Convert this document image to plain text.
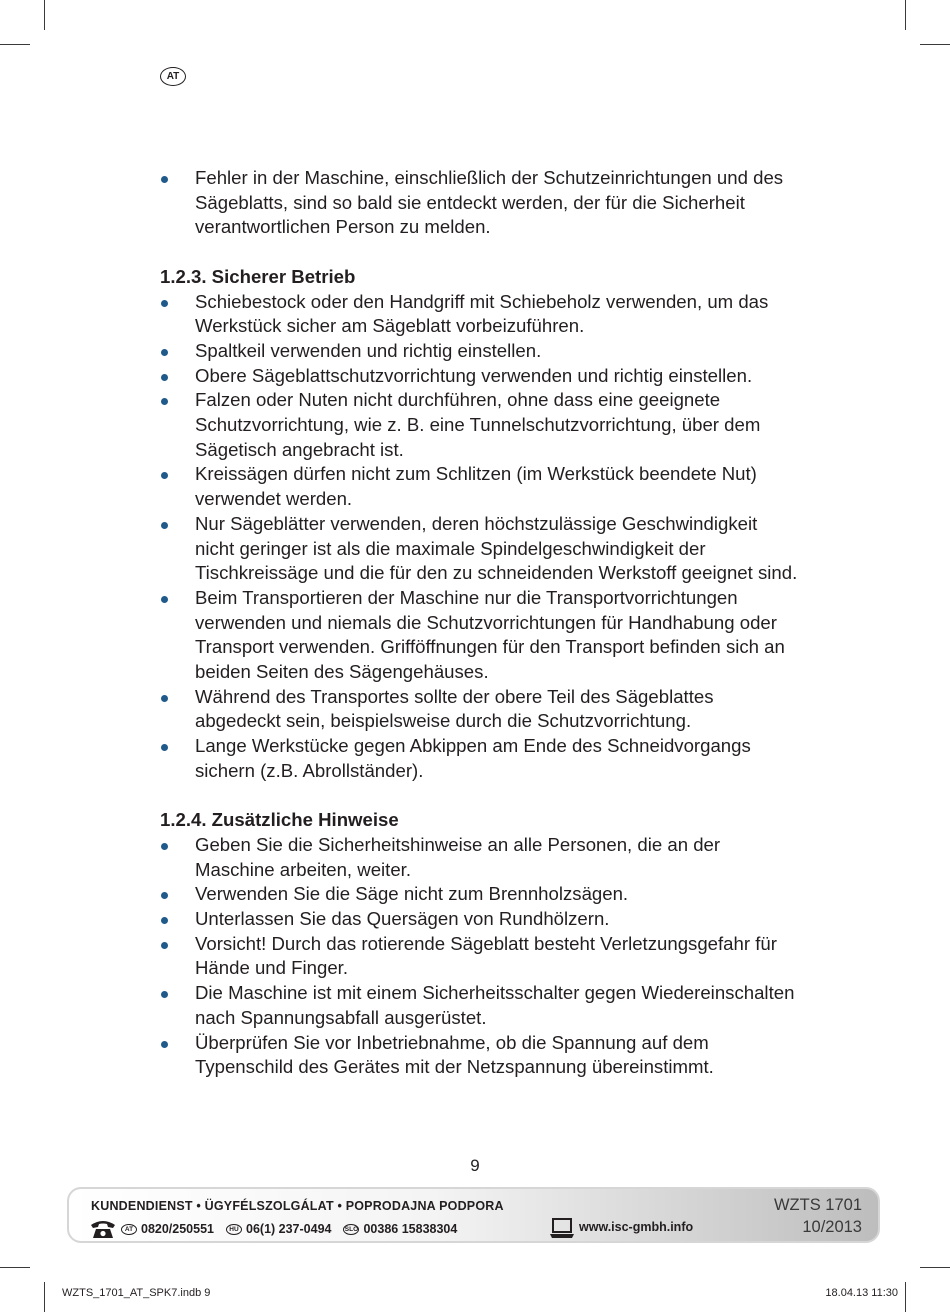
AT
Fehler in der Maschine, einschließlich der Schutzeinrichtungen und des Sägeblatts, sind so bald sie entdeckt werden, der für die Sicherheit verantwortlichen Person zu melden.
1.2.3. Sicherer Betrieb
Schiebestock oder den Handgriff mit Schiebeholz verwenden, um das Werkstück sicher am Sägeblatt vorbeizuführen.
Spaltkeil verwenden und richtig einstellen.
Obere Sägeblattschutzvorrichtung verwenden und richtig einstellen.
Falzen oder Nuten nicht durchführen, ohne dass eine geeignete Schutzvorrichtung, wie z. B. eine Tunnelschutzvorrichtung, über dem Sägetisch angebracht ist.
Kreissägen dürfen nicht zum Schlitzen (im Werkstück beendete Nut) verwendet werden.
Nur Sägeblätter verwenden, deren höchstzulässige Geschwindigkeit nicht geringer ist als die maximale Spindelgeschwindigkeit der Tischkreissäge und die für den zu schneidenden Werkstoff geeignet sind.
Beim Transportieren der Maschine nur die Transportvorrichtungen verwenden und niemals die Schutzvorrichtungen für Handhabung oder Transport verwenden. Grifföffnungen für den Transport befinden sich an beiden Seiten des Sägengehäuses.
Während des Transportes sollte der obere Teil des Sägeblattes abgedeckt sein, beispielsweise durch die Schutzvorrichtung.
Lange Werkstücke gegen Abkippen am Ende des Schneidvorgangs sichern (z.B. Abrollständer).
1.2.4. Zusätzliche Hinweise
Geben Sie die Sicherheitshinweise an alle Personen, die an der Maschine arbeiten, weiter.
Verwenden Sie die Säge nicht zum Brennholzsägen.
Unterlassen Sie das Quersägen von Rundhölzern.
Vorsicht! Durch das rotierende Sägeblatt besteht Verletzungsgefahr für Hände und Finger.
Die Maschine ist mit einem Sicherheitsschalter gegen Wiedereinschalten nach Spannungsabfall ausgerüstet.
Überprüfen Sie vor Inbetriebnahme, ob die Spannung auf dem Typenschild des Gerätes mit der Netzspannung übereinstimmt.
9
KUNDENDIENST • ÜGYFÉLSZOLGÁLAT • POPRODAJNA PODPORA
AT 0820/250551	HU 06(1) 237-0494 SLO 00386 15838304	www.isc-gmbh.info
WZTS 1701
10/2013
WZTS_1701_AT_SPK7.indb 9	18.04.13 11:30
